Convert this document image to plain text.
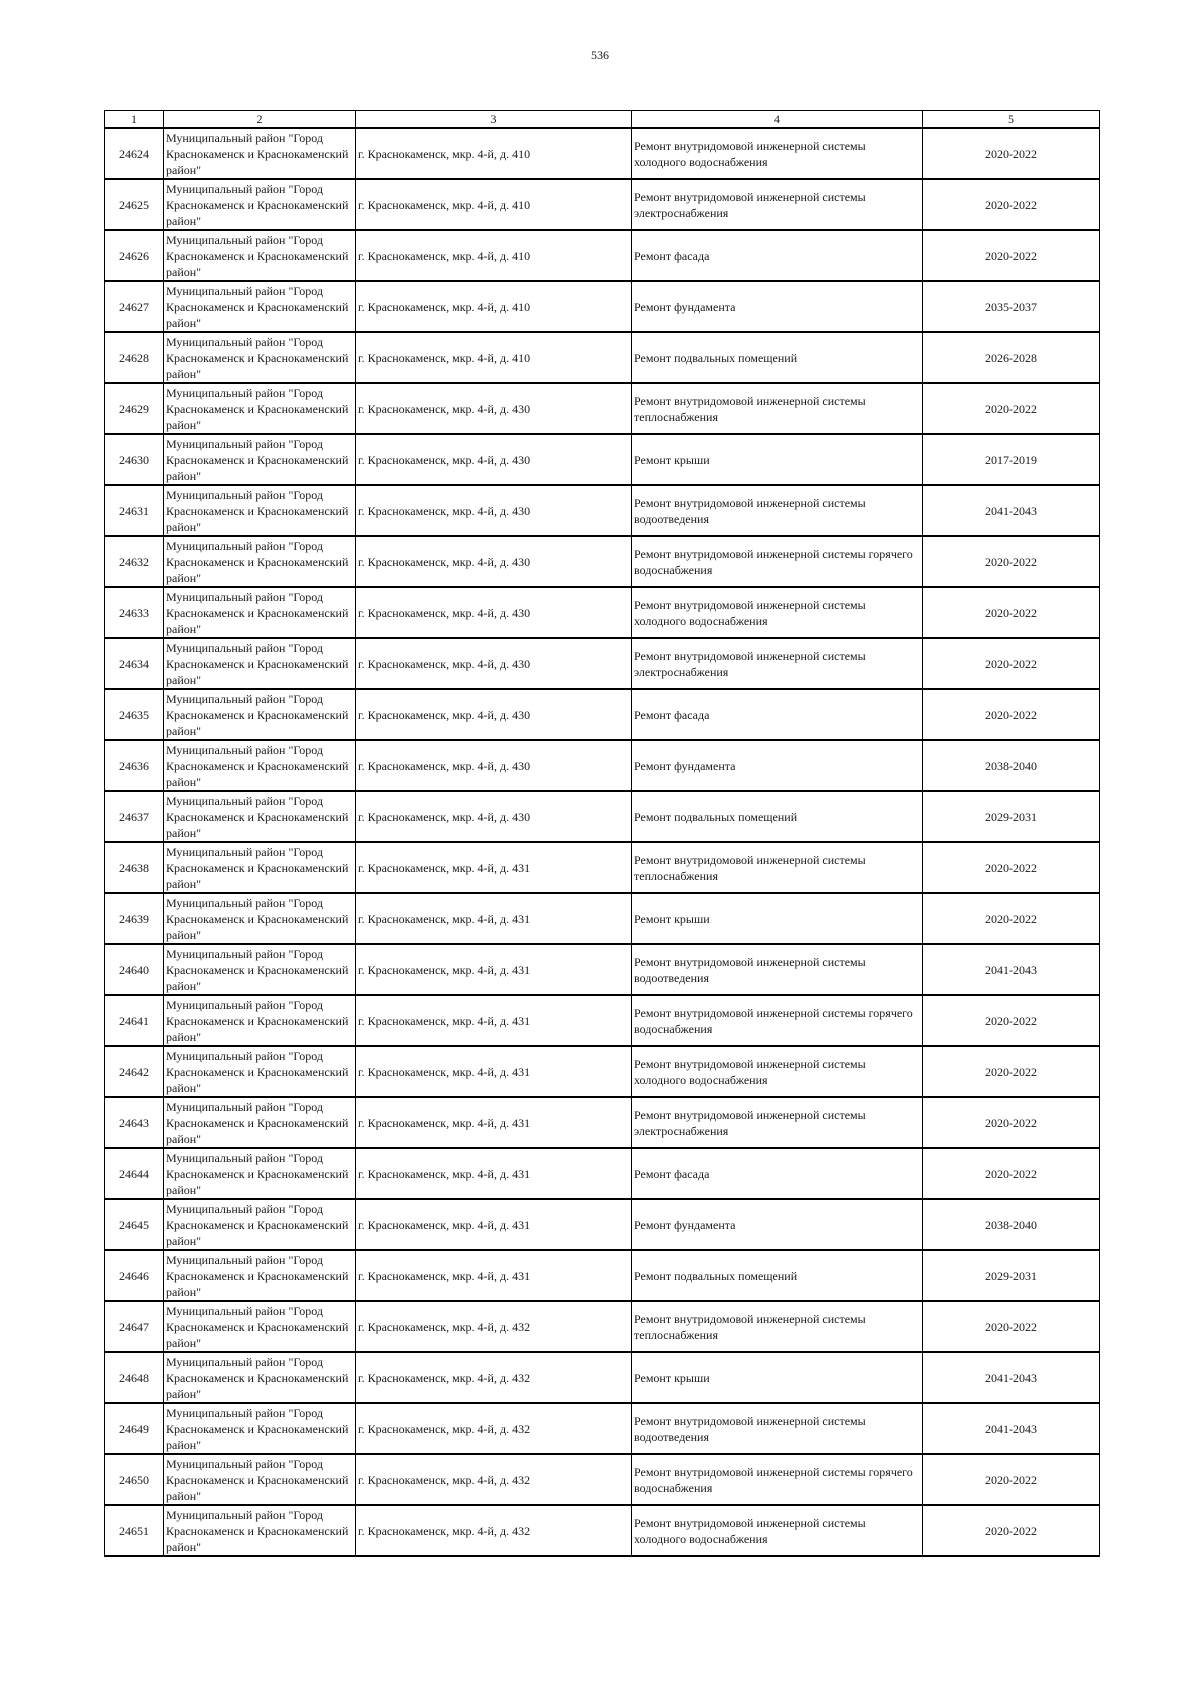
536
1	2	3	4	5
24624	Муниципальный район "Город Краснокаменск и Краснокаменский район"	г. Краснокаменск, мкр. 4-й, д. 410	Ремонт внутридомовой инженерной системы холодного водоснабжения	2020-2022
24625	Муниципальный район "Город Краснокаменск и Краснокаменский район"	г. Краснокаменск, мкр. 4-й, д. 410	Ремонт внутридомовой инженерной системы электроснабжения	2020-2022
24626	Муниципальный район "Город Краснокаменск и Краснокаменский район"	г. Краснокаменск, мкр. 4-й, д. 410	Ремонт фасада	2020-2022
24627	Муниципальный район "Город Краснокаменск и Краснокаменский район"	г. Краснокаменск, мкр. 4-й, д. 410	Ремонт фундамента	2035-2037
24628	Муниципальный район "Город Краснокаменск и Краснокаменский район"	г. Краснокаменск, мкр. 4-й, д. 410	Ремонт подвальных помещений	2026-2028
24629	Муниципальный район "Город Краснокаменск и Краснокаменский район"	г. Краснокаменск, мкр. 4-й, д. 430	Ремонт внутридомовой инженерной системы теплоснабжения	2020-2022
24630	Муниципальный район "Город Краснокаменск и Краснокаменский район"	г. Краснокаменск, мкр. 4-й, д. 430	Ремонт крыши	2017-2019
24631	Муниципальный район "Город Краснокаменск и Краснокаменский район"	г. Краснокаменск, мкр. 4-й, д. 430	Ремонт внутридомовой инженерной системы водоотведения	2041-2043
24632	Муниципальный район "Город Краснокаменск и Краснокаменский район"	г. Краснокаменск, мкр. 4-й, д. 430	Ремонт внутридомовой инженерной системы горячего водоснабжения	2020-2022
24633	Муниципальный район "Город Краснокаменск и Краснокаменский район"	г. Краснокаменск, мкр. 4-й, д. 430	Ремонт внутридомовой инженерной системы холодного водоснабжения	2020-2022
24634	Муниципальный район "Город Краснокаменск и Краснокаменский район"	г. Краснокаменск, мкр. 4-й, д. 430	Ремонт внутридомовой инженерной системы электроснабжения	2020-2022
24635	Муниципальный район "Город Краснокаменск и Краснокаменский район"	г. Краснокаменск, мкр. 4-й, д. 430	Ремонт фасада	2020-2022
24636	Муниципальный район "Город Краснокаменск и Краснокаменский район"	г. Краснокаменск, мкр. 4-й, д. 430	Ремонт фундамента	2038-2040
24637	Муниципальный район "Город Краснокаменск и Краснокаменский район"	г. Краснокаменск, мкр. 4-й, д. 430	Ремонт подвальных помещений	2029-2031
24638	Муниципальный район "Город Краснокаменск и Краснокаменский район"	г. Краснокаменск, мкр. 4-й, д. 431	Ремонт внутридомовой инженерной системы теплоснабжения	2020-2022
24639	Муниципальный район "Город Краснокаменск и Краснокаменский район"	г. Краснокаменск, мкр. 4-й, д. 431	Ремонт крыши	2020-2022
24640	Муниципальный район "Город Краснокаменск и Краснокаменский район"	г. Краснокаменск, мкр. 4-й, д. 431	Ремонт внутридомовой инженерной системы водоотведения	2041-2043
24641	Муниципальный район "Город Краснокаменск и Краснокаменский район"	г. Краснокаменск, мкр. 4-й, д. 431	Ремонт внутридомовой инженерной системы горячего водоснабжения	2020-2022
24642	Муниципальный район "Город Краснокаменск и Краснокаменский район"	г. Краснокаменск, мкр. 4-й, д. 431	Ремонт внутридомовой инженерной системы холодного водоснабжения	2020-2022
24643	Муниципальный район "Город Краснокаменск и Краснокаменский район"	г. Краснокаменск, мкр. 4-й, д. 431	Ремонт внутридомовой инженерной системы электроснабжения	2020-2022
24644	Муниципальный район "Город Краснокаменск и Краснокаменский район"	г. Краснокаменск, мкр. 4-й, д. 431	Ремонт фасада	2020-2022
24645	Муниципальный район "Город Краснокаменск и Краснокаменский район"	г. Краснокаменск, мкр. 4-й, д. 431	Ремонт фундамента	2038-2040
24646	Муниципальный район "Город Краснокаменск и Краснокаменский район"	г. Краснокаменск, мкр. 4-й, д. 431	Ремонт подвальных помещений	2029-2031
24647	Муниципальный район "Город Краснокаменск и Краснокаменский район"	г. Краснокаменск, мкр. 4-й, д. 432	Ремонт внутридомовой инженерной системы теплоснабжения	2020-2022
24648	Муниципальный район "Город Краснокаменск и Краснокаменский район"	г. Краснокаменск, мкр. 4-й, д. 432	Ремонт крыши	2041-2043
24649	Муниципальный район "Город Краснокаменск и Краснокаменский район"	г. Краснокаменск, мкр. 4-й, д. 432	Ремонт внутридомовой инженерной системы водоотведения	2041-2043
24650	Муниципальный район "Город Краснокаменск и Краснокаменский район"	г. Краснокаменск, мкр. 4-й, д. 432	Ремонт внутридомовой инженерной системы горячего водоснабжения	2020-2022
24651	Муниципальный район "Город Краснокаменск и Краснокаменский район"	г. Краснокаменск, мкр. 4-й, д. 432	Ремонт внутридомовой инженерной системы холодного водоснабжения	2020-2022
